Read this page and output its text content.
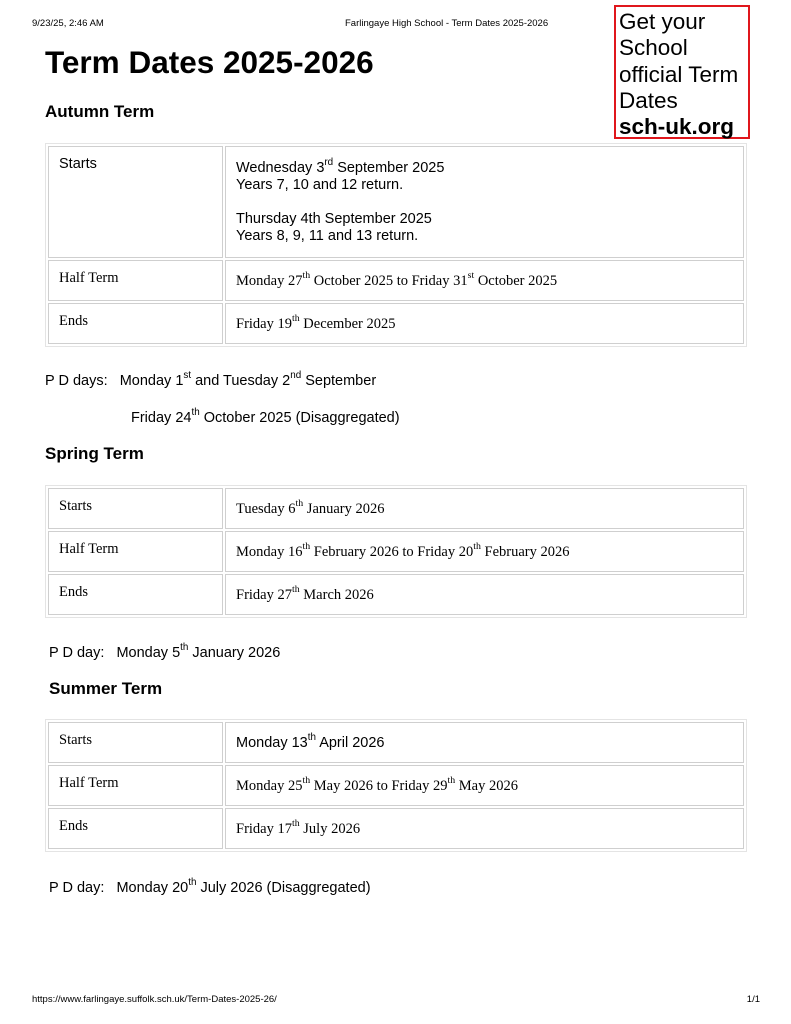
9/23/25, 2:46 AM	Farlingaye High School - Term Dates 2025-2026	Get your
School
official Term
Dates
sch-uk.org
Term Dates 2025-2026
Autumn Term
Starts	Wednesday 3rd September 2025
Years 7, 10 and 12 return.
Thursday 4th September 2025
Years 8, 9, 11 and 13 return.

Half Term	Monday 27th October 2025 to Friday 31st October 2025
Ends	Friday 19th December 2025
P D days: Monday 1st and Tuesday 2nd September
Friday 24th October 2025 (Disaggregated)
Spring Term
Starts	Tuesday 6th January 2026
Half Term	Monday 16th February 2026 to Friday 20th February 2026
Ends	Friday 27th March 2026
P D day: Monday 5th January 2026
Summer Term
Starts	Monday 13th April 2026
Half Term	Monday 25th May 2026 to Friday 29th May 2026
Ends	Friday 17th July 2026
P D day: Monday 20th July 2026 (Disaggregated)
https://www.farlingaye.suffolk.sch.uk/Term-Dates-2025-26/	1/1
